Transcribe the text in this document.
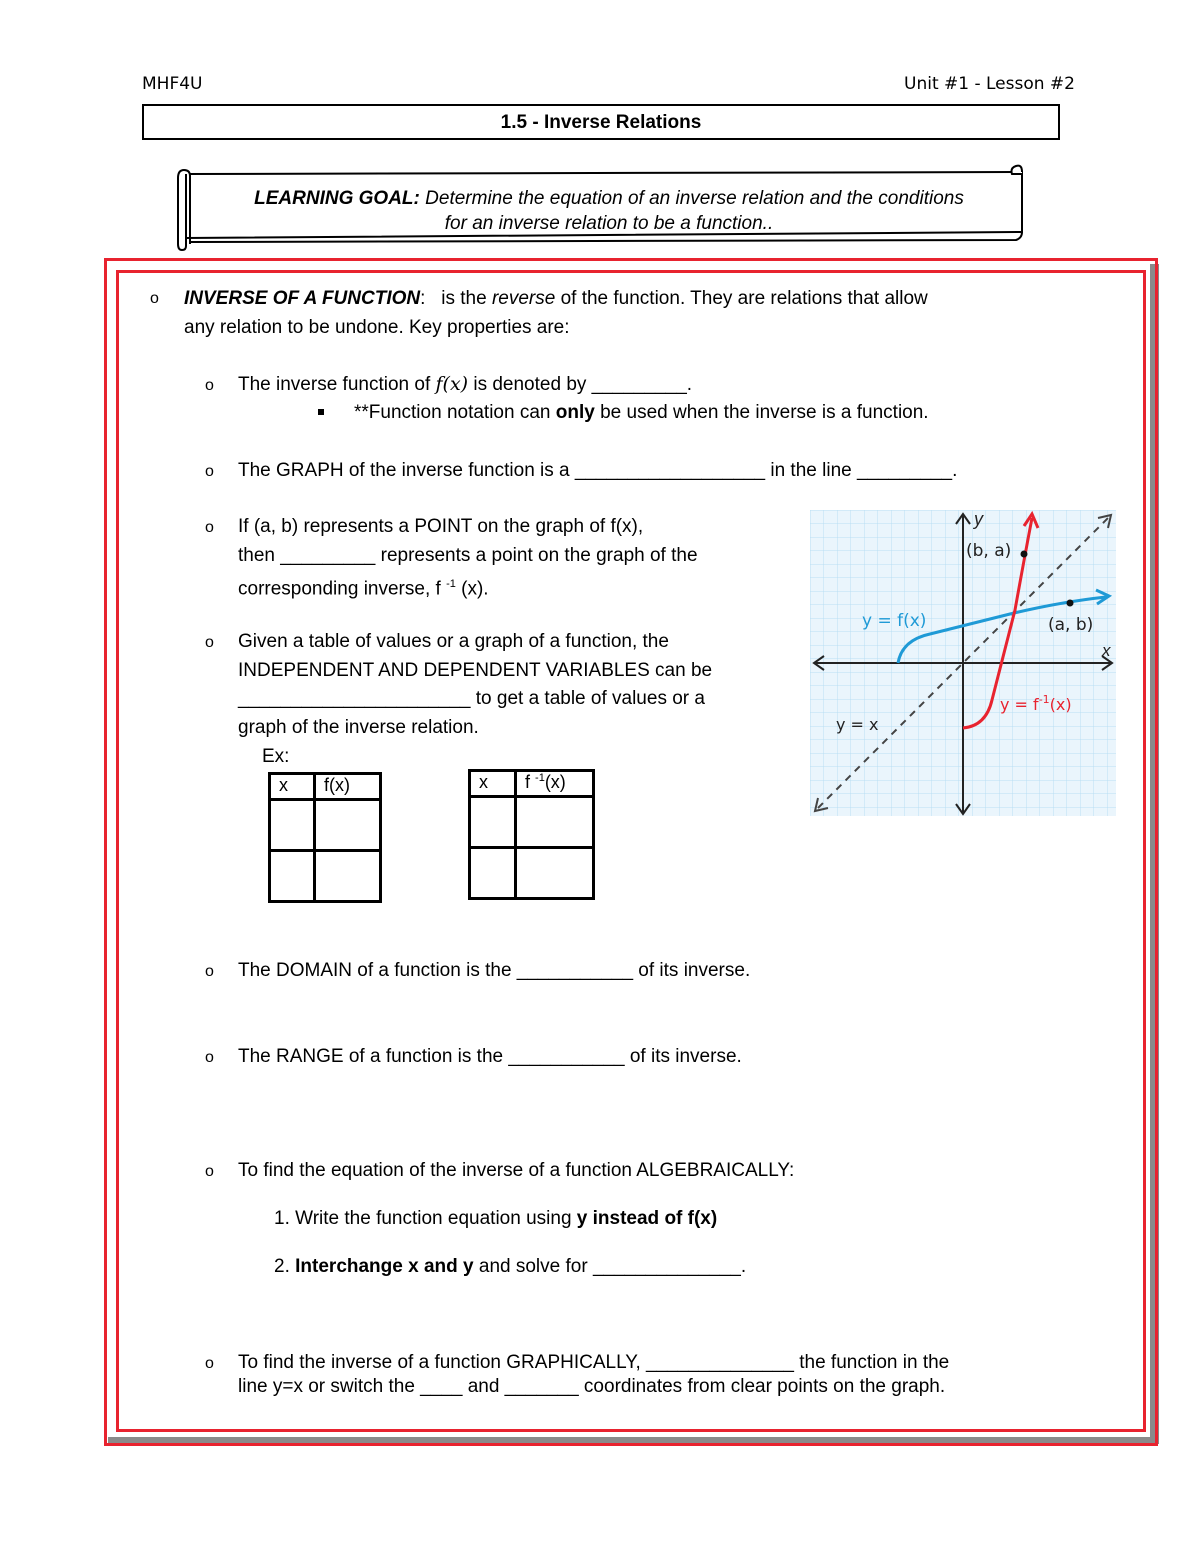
MHF4U	Unit #1 - Lesson #2
1.5 - Inverse Relations
LEARNING GOAL: Determine the equation of an inverse relation and the conditions
for an inverse relation to be a function..
o INVERSE OF A FUNCTION: is the reverse of the function. They are relations that allow
any relation to be undone. Key properties are:
o The inverse function of f(x) is denoted by _________.
**Function notation can only be used when the inverse is a function.
o The GRAPH of the inverse function is a __________________ in the line _________.
o If (a, b) represents a POINT on the graph of f(x),
then _________ represents a point on the graph of the
corresponding inverse, f $^{-1}$ (x).
o Given a table of values or a graph of a function, the
INDEPENDENT AND DEPENDENT VARIABLES can be
______________________ to get a table of values or a
graph of the inverse relation.
Ex:
x	f(x)

		x	f $^{-1}$(x)

y
x
(b, a)
(a, b)
y = f(x)
$y = f^{-1}(x)$
y = x
o The DOMAIN of a function is the ___________ of its inverse.
o The RANGE of a function is the ___________ of its inverse.
o To find the equation of the inverse of a function ALGEBRAICALLY:
1. Write the function equation using y instead of f(x)
2. Interchange x and y and solve for ______________.
o To find the inverse of a function GRAPHICALLY, ______________ the function in the
line y=x or switch the ____ and _______ coordinates from clear points on the graph.
